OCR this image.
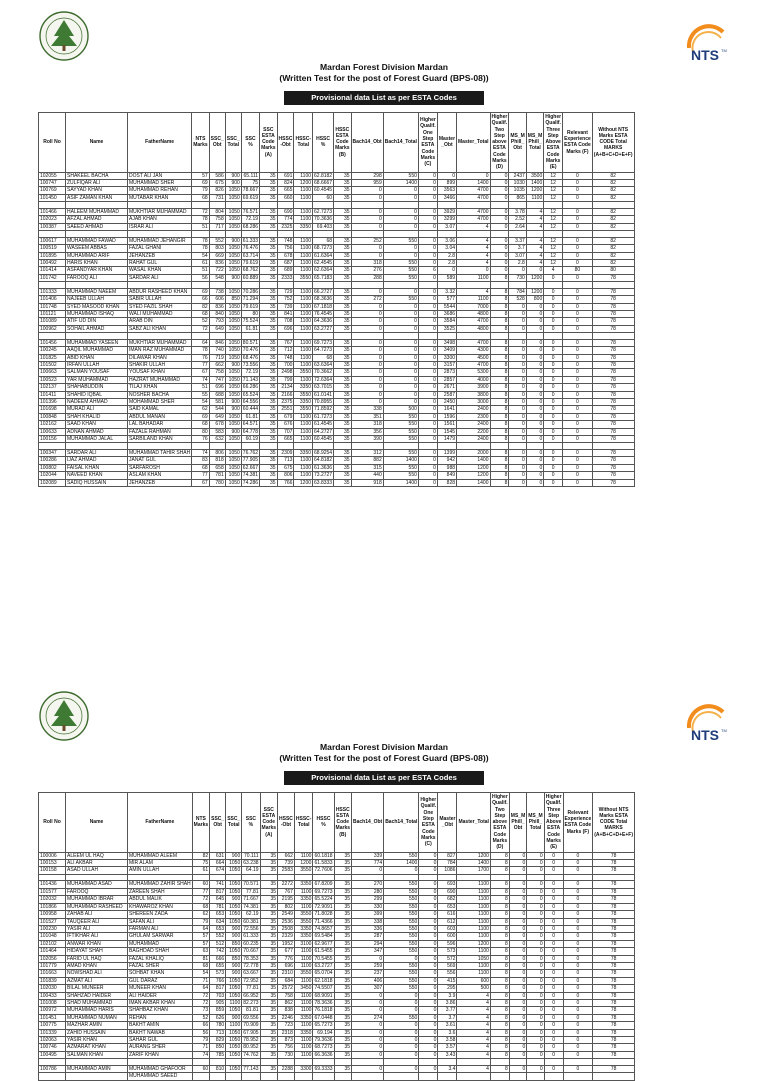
Mardan Forest Division Mardan
(Written Test for the post of Forest Guard (BPS-08))
Provisional data List as per ESTA Codes
NTS TM
Roll No	Name	FatherName	NTS Marks	SSC_ Obt	SSC_ Total	SSC %	SSC ESTA Code Marks (A)	HSSC -Obt	HSSC- Total	HSSC %	HSSC ESTA Code Marks (B)	Bach14_Obt	Bach14_Total	Higher Qualif. One Step ESTA Code Marks (C)	Master _Obt	Master_Total	Higher Qualif. Two Step above ESTA Code Marks (D)	MS_M Phill_ Obt	MS_M Phill_ Total	Higher Qualif. Three Step Above ESTA Code Marks (E)	Relevant Experience ESTA Code Marks (F)	Without NTS Marks ESTA CODE Total MARKS (A+B+C+D+E+F)
102055	SHAKEEL BACHA	DOST ALI JAN	57	586	900	65.111	35	691	1100	62.8182	35	298	550	0	0	0	0	2437	3500	12	0	82
100747	ZULFIQAR ALI	MUHAMMAD SHER	69	675	900	75	35	824	1200	68.6667	35	959	1400	0	899	1400	0	1030	1400	12	0	82
100769	SAYYAD KHAN	MUHAMMAD REHAN	79	826	1050	78.667	35	665	1100	60.4545	35	0	0	0	3563	4700	0	1035	1200	12	0	82
101450	ASIF ZAMAN KHAN	MUTABAR KHAN	68	731	1050	69.619	35	660	1100	60	35	0	0	0	3466	4700	0	865	1100	12	0	82

101466	HALEEM MUHAMMAD	MUKHTIAR MUHAMMAD	72	804	1050	76.571	35	690	1100	62.7273	35	0	0	0	3929	4700	0	3.78	4	12	0	82
102023	AFZAL AHMAD	AJAB KHAN	78	758	1050	72.19	35	774	1100	70.3636	35	0	0	0	3299	4700	0	2.52	4	12	0	82
100387	SAEED AHMAD	ISRAR ALI	51	717	1050	68.286	35	2325	3350	69.403	35	0	0	0	3.07	4	0	2.64	4	12	0	82

100617	MUHAMMAD FAWAD	MUHAMMAD JEHANGIR	78	552	900	61.333	35	748	1100	68	35	252	550	0	3.06	4	0	3.37	4	12	0	82
100519	WASEEM ABBAS	FAZAL GHANI	78	803	1050	76.476	35	756	1100	68.7273	35	0	0	0	3.04	4	0	3.7	4	12	0	82
101895	MUHAMMAD ARIF	JEHANZEB	54	669	1050	63.714	35	678	1100	61.6364	35	0	0	0	2.8	4	0	3.07	4	12	0	82
100492	HARIS KHAN	RAHAT GUL	61	836	1050	79.619	35	687	1100	62.4545	35	318	550	0	2.8	4	0	2.8	4	12	0	82
101414	ASFANDYAR KHAN	WASAL KHAN	51	722	1050	68.762	35	689	1100	62.6364	35	276	550	6	0	0	0	0	0	4	80	80
101742	FAROOQ ALI	SARDAR ALI	56	548	900	60.889	35	2333	3550	65.7183	35	288	550	0	589	1100	8	730	1200	0	0	78

101333	MUHAMMAD NAEEM	ABDUR RASHEED KHAN	69	738	1050	70.286	35	729	1100	66.2727	35	0	0	0	3.32	4	8	784	1200	0	0	78
101406	NAJEEB ULLAH	SABIR ULLAH	66	606	850	71.294	35	752	1100	68.3636	35	272	550	0	577	1100	8	528	800	0	0	78
101748	SYED MASOOD KHAN	SYED FAZIL SHAH	82	836	1050	79.619	35	739	1100	67.1818	35	0	0	0	5544	7000	8	0	0	0	0	78
101121	MUHAMMAD ISHAQ	WALI MUHAMMAD	68	840	1050	80	35	841	1100	76.4545	35	0	0	0	3686	4800	8	0	0	0	0	78
101089	ATIF UD DIN	ARAB DIN	52	793	1050	75.524	35	708	1100	64.3636	35	0	0	0	3584	4700	8	0	0	0	0	78
100962	SOHAIL AHMAD	SABZ ALI KHAN	72	649	1050	61.81	35	696	1100	63.2727	35	0	0	0	3525	4800	8	0	0	0	0	78

101456	MUHAMMAD YASEEN	MUKHTIAR MUHAMMAD	64	846	1050	80.571	35	767	1100	69.7273	35	0	0	0	3498	4700	8	0	0	0	0	78
100245	AAQIL MUHAMMAD	IMAN RAZ MUHAMMAD	78	740	1050	70.476	35	712	1100	64.7273	35	0	0	0	3409	4300	8	0	0	0	0	78
101825	ABID KHAN	DILAWAR KHAN	76	719	1050	68.476	35	748	1100	68	35	0	0	0	3300	4500	8	0	0	0	0	78
101502	IRFAN ULLAH	SHAKIR ULLAH	77	662	900	73.556	35	700	1100	63.6364	35	0	0	0	3157	4700	8	0	0	0	0	78
100663	SALMAN YOUSAF	YOUSAF KHAN	67	758	1050	72.19	35	2498	3550	70.3662	35	0	0	0	2873	5300	8	0	0	0	0	78
100523	YAR MUHAMMAD	HAZRAT MUHAMMAD	74	747	1050	71.143	35	799	1100	72.6364	35	0	0	0	2857	4000	8	0	0	0	0	78
102137	SHAHABUDDIN	TILAJ KHAN	51	696	1050	66.286	35	2134	3350	63.7015	35	0	0	0	2671	3900	8	0	0	0	0	78
101411	SHAHID IQBAL	NOSHER BACHA	55	688	1050	65.524	35	2166	3550	61.0141	35	0	0	0	2587	3800	8	0	0	0	0	78
101396	NADEEM AHMAD	MOHAMMAD SHER	54	581	900	64.556	35	2375	3350	70.8955	35	0	0	0	2450	3000	8	0	0	0	0	78
101698	MURAD ALI	SAID KAMAL	62	544	900	60.444	35	2551	3550	71.8592	35	338	500	0	1641	2400	8	0	0	0	0	78
100848	SHAH KHALID	ABDUL MANAN	69	649	1050	61.81	35	679	1100	61.7273	35	351	550	0	1596	2300	8	0	0	0	0	78
102162	SAAD KHAN	LAL BAHADAR	68	678	1050	64.571	35	676	1100	61.4545	35	318	550	0	1561	2400	8	0	0	0	0	78
100633	ADNAN AHMAD	FAZALE RAHMAN	80	583	900	64.778	35	707	1100	64.2727	35	356	550	0	1545	2200	8	0	0	0	0	78
100156	MUHAMMAD JALAL	SARBILAND KHAN	76	632	1050	60.19	35	665	1100	60.4545	35	390	550	0	1479	2400	8	0	0	0	0	78

100347	SARDAR ALI	MUHAMMAD TAHIR SHAH	74	806	1050	76.762	35	2309	3350	68.9254	35	312	550	0	1399	2000	8	0	0	0	0	78
100286	IJAZ AHMAD	JANAT GUL	83	818	1050	77.905	35	713	1100	64.8182	35	882	1400	0	942	1400	8	0	0	0	0	78
100802	FAISAL KHAN	SARFAROSH	68	658	1050	62.667	35	675	1100	61.3636	35	315	550	0	988	1200	8	0	0	0	0	78
102044	NAVEED KHAN	ASLAM KHAN	77	781	1050	74.381	35	806	1100	73.2727	35	440	550	0	849	1200	8	0	0	0	0	78
102089	SADIQ HUSSAIN	JEHANZEB	67	780	1050	74.286	35	766	1200	63.8333	35	918	1400	0	828	1400	8	0	0	0	0	78
Mardan Forest Division Mardan
(Written Test for the post of Forest Guard (BPS-08))
Provisional data List as per ESTA Codes
NTS TM
Roll No	Name	FatherName	NTS Marks	SSC_ Obt	SSC_ Total	SSC %	SSC ESTA Code Marks (A)	HSSC -Obt	HSSC- Total	HSSC %	HSSC ESTA Code Marks (B)	Bach14_Obt	Bach14_Total	Higher Qualif. One Step ESTA Code Marks (C)	Master _Obt	Master_Total	Higher Qualif. Two Step above ESTA Code Marks (D)	MS_M Phill_ Obt	MS_M Phill_ Total	Higher Qualif. Three Step Above ESTA Code Marks (E)	Relevant Experience ESTA Code Marks (F)	Without NTS Marks ESTA CODE Total MARKS (A+B+C+D+E+F)
100006	ALEEM UL HAQ	MUHAMMAD ALEEM	82	631	900	70.111	35	662	1100	60.1818	35	339	550	0	827	1200	8	0	0	0	0	78
100153	ALI AKBAR	MIR ALAM	75	664	1050	63.238	35	739	1200	61.5833	35	774	1400	0	784	1400	8	0	0	0	0	78
100158	ASAD ULLAH	AMIN ULLAH	61	674	1050	64.19	35	2583	3550	72.7606	35	0	0	0	1086	1700	8	0	0	0	0	78

101436	MUHAMMAD ASAD	MUHAMMAD ZAHIR SHAH	60	741	1050	70.571	35	2272	3350	67.8209	35	270	550	0	693	1100	8	0	0	0	0	78
101577	FAROOQ	ZAREEN SHAH	77	817	1050	77.81	35	767	1100	69.7273	35	280	550	0	690	1100	8	0	0	0	0	78
102032	MUHAMMAD IBRAR	ABDUL MALIK	72	645	900	71.667	35	2195	3350	65.5224	35	299	550	0	682	1100	8	0	0	0	0	78
101866	MUHAMMAD RASHEED	KHAWAROZ KHAN	68	781	1050	74.381	35	802	1100	72.9091	35	330	550	0	653	1100	8	0	0	0	0	78
100958	ZAHAB ALI	SHEREEN ZADA	62	653	1050	62.19	35	2549	3550	71.8028	35	399	550	0	616	1100	8	0	0	0	0	78
101527	TAUQEER ALI	SAFAN ALI	79	634	1050	60.381	35	2536	3550	71.4366	35	338	550	0	612	1100	8	0	0	0	0	78
100230	YASIR ALI	FARMAN ALI	64	653	900	72.556	35	2508	3350	74.8657	35	336	550	0	603	1100	8	0	0	0	0	78
101048	IFTIKHAR ALI	GHULAM SARWAR	57	552	900	61.333	35	2329	3350	69.5484	35	287	550	0	600	1100	8	0	0	0	0	78
102102	ANWAR KHAN	MUHAMMAD	57	512	850	60.235	35	1952	3100	62.9677	35	294	550	0	596	1200	8	0	0	0	0	78
101464	HIDAYAT SHAH	BAGHDAD SHAH	63	742	1050	70.667	35	677	1100	61.5455	35	347	550	0	573	1100	8	0	0	0	0	78
102056	FARID UL HAQ	FAZAL KHALIQ	81	666	850	78.353	35	776	1100	70.5455	35	0	0	0	572	1050	8	0	0	0	0	78
101779	AMAD KHAN	FAZAL SHER	68	655	900	72.778	35	696	1100	63.2727	35	259	550	0	569	1100	8	0	0	0	0	78
101663	NOWSHAD ALI	SOHBAT KHAN	54	573	900	63.667	35	2310	3550	65.0704	35	237	550	0	556	1100	8	0	0	0	0	78
101839	AZMAT ALI	GUL DARAZ	71	766	1050	72.952	35	684	1100	62.1818	35	406	550	0	415	600	8	0	0	0	0	78
102030	BILAL MUNEER	MUNEER KHAN	64	817	1050	77.81	35	2572	3450	74.5507	35	307	550	0	295	500	8	0	0	0	0	78
100433	SHAHZAD HAIDER	ALI HAIDER	72	703	1050	66.952	35	758	1100	68.9091	35	0	0	0	3.9	4	8	0	0	0	0	78
101008	SHAD MUHAMMAD	IMAN AKBAR KHAN	72	905	1100	82.273	35	862	1100	78.3636	35	0	0	0	3.86	4	8	0	0	0	0	78
100972	MUHAMMAD HARIS	SHAHBAZ KHAN	73	859	1050	81.81	35	838	1100	76.1818	35	0	0	0	3.77	4	8	0	0	0	0	78
101451	MUHAMMAD NUMAN	REHAN	52	626	900	69.556	35	2246	3350	67.0448	35	274	550	0	3.7	4	8	0	0	0	0	78
100775	MAZHAR AMIN	BAKHT AMIN	66	780	1100	70.909	35	723	1100	65.7273	35	0	0	0	3.61	4	8	0	0	0	0	78
101339	ZAHID HUSSAIN	BAKHT NAWAB	56	713	1050	67.905	35	2318	3350	69.194	35	0	0	0	3.6	4	8	0	0	0	0	78
102063	YASIR KHAN	SAHAR GUL	79	829	1050	78.952	35	873	1100	79.3636	35	0	0	0	3.58	4	8	0	0	0	0	78
100746	AZMARAT KHAN	AURANG SHER	71	850	1050	80.952	35	756	1100	68.7273	35	0	0	0	3.57	4	8	0	0	0	0	78
100495	SALMAN KHAN	ZARIF KHAN	74	785	1050	74.762	35	730	1100	66.3636	35	0	0	0	3.43	4	8	0	0	0	0	78

100786	MUHAMMAD AMIN	MUHAMMAD GHAFOOR	60	810	1050	77.143	35	2288	3300	69.3333	35	0	0	0	3.4	4	8	0	0	0	0	78
		MUHAMMAD SAEED																				
